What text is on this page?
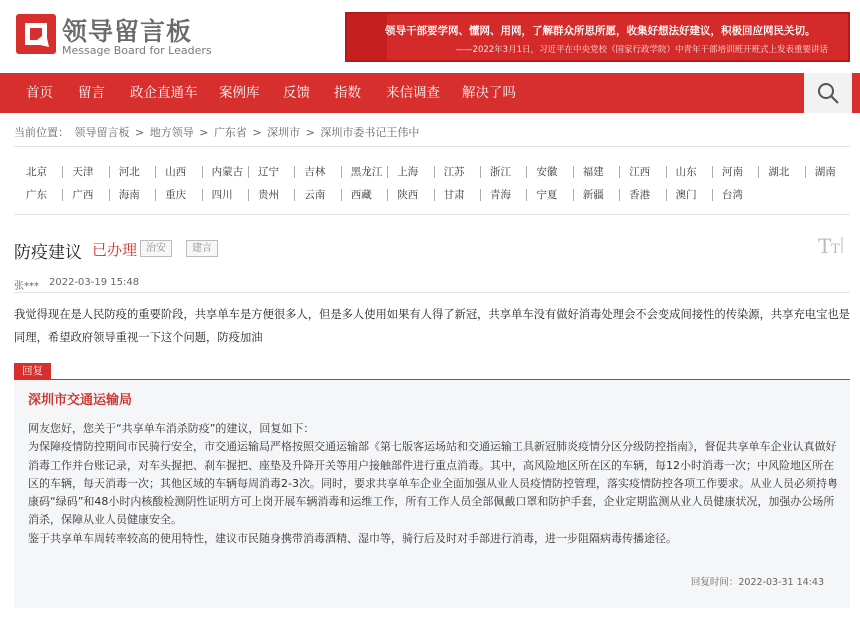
领导留言板
Message Board for Leaders
领导干部要学网、懂网、用网，了解群众所思所愿，收集好想法好建议，积极回应网民关切。
——2022年3月1日，习近平在中央党校（国家行政学院）中青年干部培训班开班式上发表重要讲话
首页 留言 政企直通车 案例库 反馈 指数 来信调查 解决了吗
当前位置： 领导留言板 > 地方领导 > 广东省 > 深圳市 > 深圳市委书记王伟中
北京 天津 河北 山西 内蒙古 辽宁 吉林 黑龙江 上海 江苏 浙江 安徽 福建 江西 山东 河南 湖北 湖南
广东 广西 海南 重庆 四川 贵州 云南 西藏 陕西 甘肃 青海 宁夏 新疆 香港 澳门 台湾
防疫建议 已办理 治安	建言	T T
张*** 2022-03-19 15:48
我觉得现在是人民防疫的重要阶段，共享单车是方便很多人，但是多人使用如果有人得了新冠，共享单车没有做好消毒处理会不会变成间接性的传染源，共享充电宝也是同理，希望政府领导重视一下这个问题，防疫加油
回复
深圳市交通运输局

网友您好，您关于“共享单车消杀防疫”的建议，回复如下：

为保障疫情防控期间市民骑行安全，市交通运输局严格按照交通运输部《第七版客运场站和交通运输工具新冠肺炎疫情分区分级防控指南》，督促共享单车企业认真做好消毒工作并台账记录，对车头握把、刹车握把、座垫及升降开关等用户接触部件进行重点消毒。其中，高风险地区所在区的车辆，每12小时消毒一次；中风险地区所在区的车辆，每天消毒一次；其他区域的车辆每周消毒2-3次。同时，要求共享单车企业全面加强从业人员疫情防控管理，落实疫情防控各项工作要求。从业人员必须持粤康码“绿码”和48小时内核酸检测阴性证明方可上岗开展车辆消毒和运维工作，所有工作人员全部佩戴口罩和防护手套，企业定期监测从业人员健康状况，加强办公场所消杀，保障从业人员健康安全。

鉴于共享单车周转率较高的使用特性，建议市民随身携带消毒酒精、湿巾等，骑行后及时对手部进行消毒，进一步阻隔病毒传播途径。

回复时间：2022-03-31 14:43
